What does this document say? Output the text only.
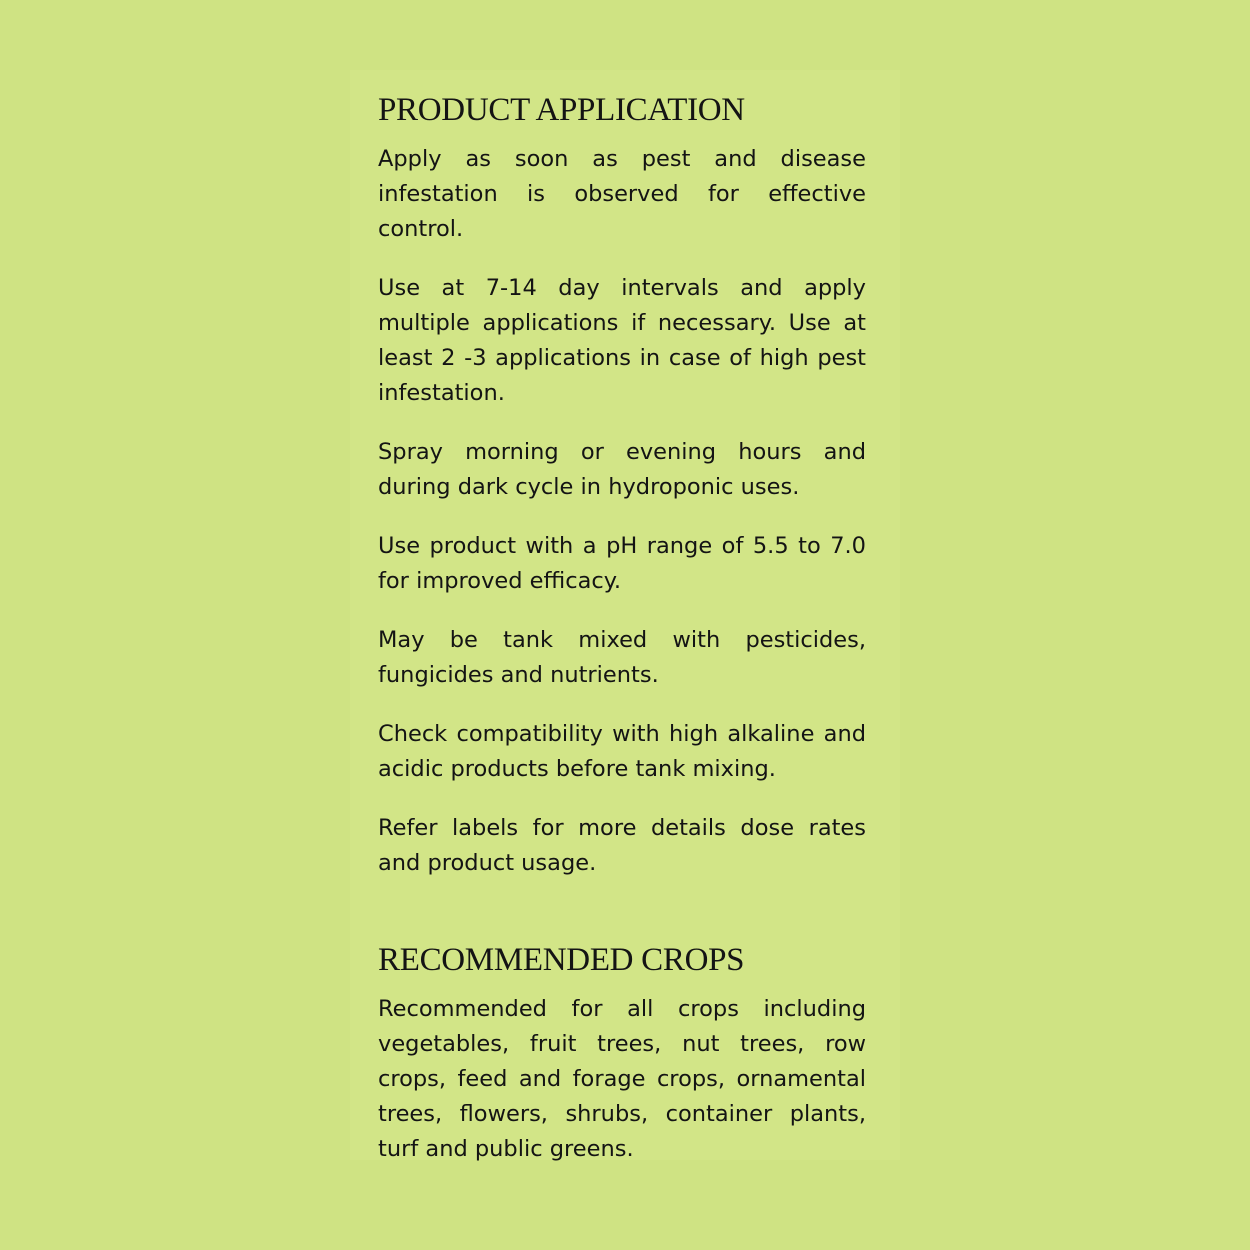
PRODUCT APPLICATION

Apply as soon as pest and disease infestation is observed for effective control.

Use at 7-14 day intervals and apply multiple applications if necessary. Use at least 2 -3 applications in case of high pest infestation.

Spray morning or evening hours and during dark cycle in hydroponic uses.

Use product with a pH range of 5.5 to 7.0 for improved efficacy.

May be tank mixed with pesticides, fungicides and nutrients.

Check compatibility with high alkaline and acidic products before tank mixing.

Refer labels for more details dose rates and product usage.

RECOMMENDED CROPS

Recommended for all crops including vegetables, fruit trees, nut trees, row crops, feed and forage crops, ornamental trees, flowers, shrubs, container plants, turf and public greens.
